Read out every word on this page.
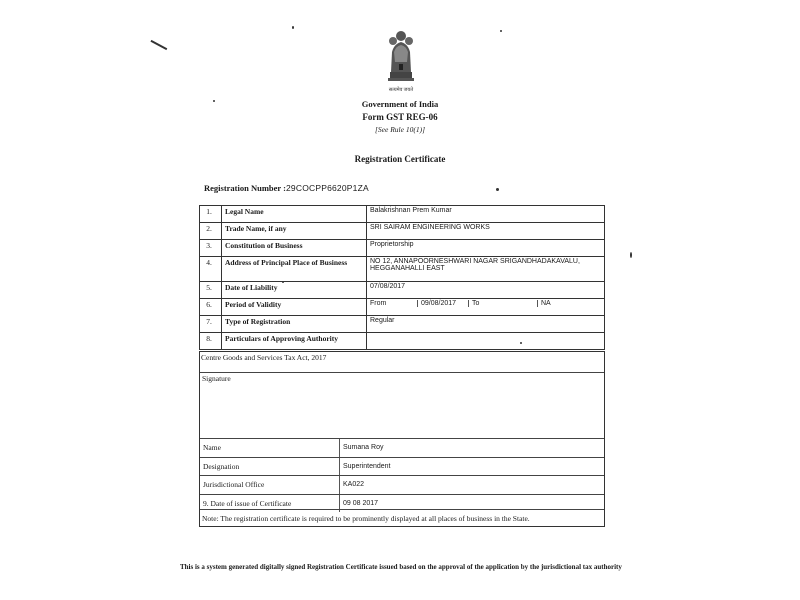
सत्यमेव जयते
Government of India
Form GST REG-06
[See Rule 10(1)]
Registration Certificate
Registration Number :29COCPP6620P1ZA
1.	Legal Name	Balakrishnan Prem Kumar
2.	Trade Name, if any	SRI SAIRAM ENGINEERING WORKS
3.	Constitution of Business	Proprietorship
4.	Address of Principal Place of Business	NO 12, ANNAPOORNESHWARI NAGAR SRIGANDHADAKAVALU, HEGGANAHALLI EAST
5.	Date of Liability	07/08/2017
6.	Period of Validity	From 09/08/2017 To NA

7.	Type of Registration	Regular
8.	Particulars of Approving Authority	
Centre Goods and Services Tax Act, 2017
Signature
Name	Sumana Roy
Designation	Superintendent
Jurisdictional Office	KA022
9. Date of issue of Certificate	09 08 2017
Note: The registration certificate is required to be prominently displayed at all places of business in the State.
This is a system generated digitally signed Registration Certificate issued based on the approval of the application by the jurisdictional tax authority
